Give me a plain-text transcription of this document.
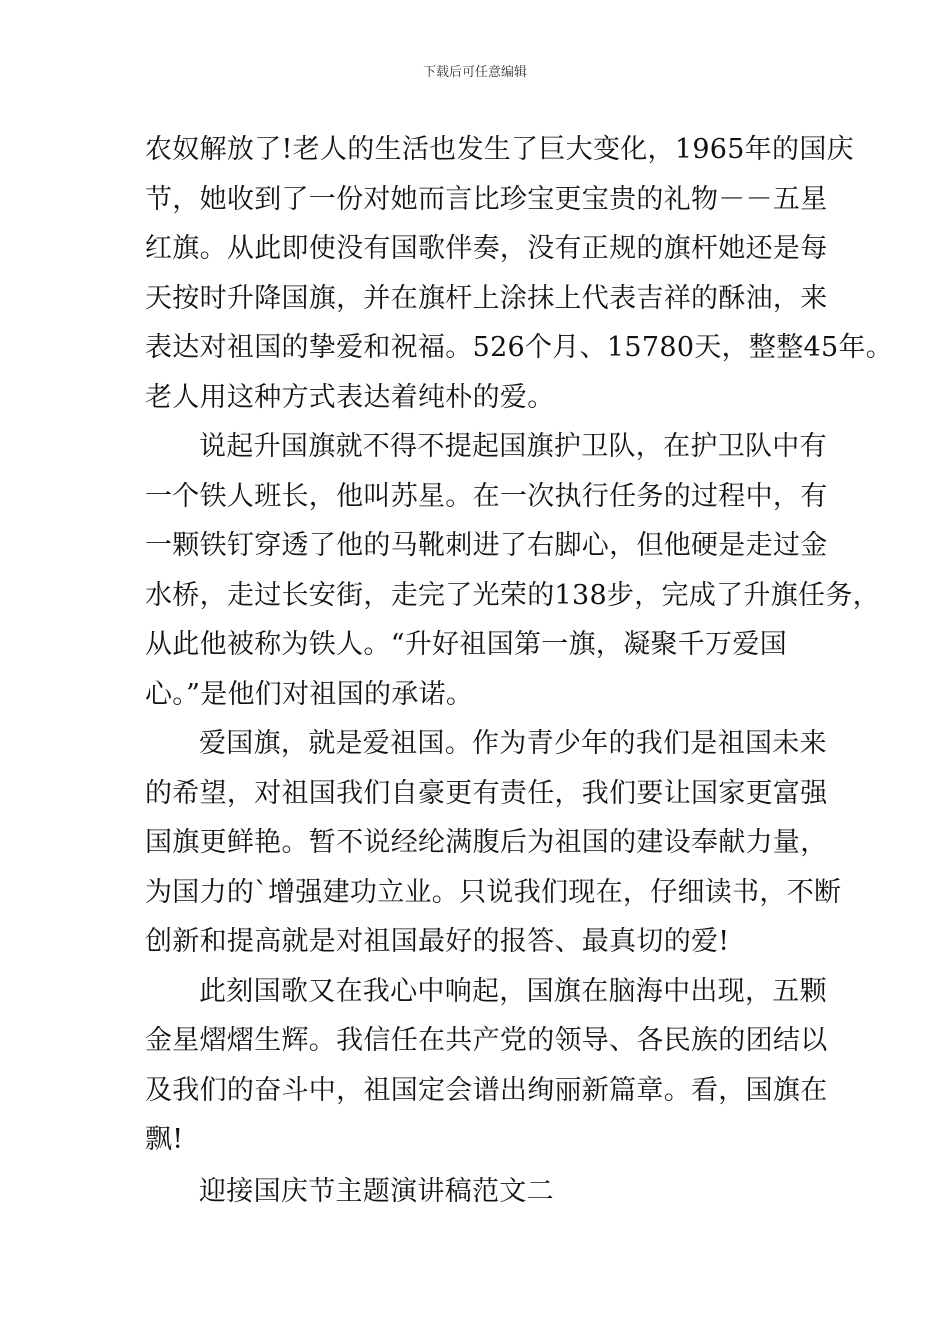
下载后可任意编辑
农奴解放了!老人的生活也发生了巨大变化，1965年的国庆
节，她收到了一份对她而言比珍宝更宝贵的礼物－－五星
红旗。从此即使没有国歌伴奏，没有正规的旗杆她还是每
天按时升降国旗，并在旗杆上涂抹上代表吉祥的酥油，来
表达对祖国的挚爱和祝福。526个月、15780天，整整45年。
老人用这种方式表达着纯朴的爱。
说起升国旗就不得不提起国旗护卫队，在护卫队中有
一个铁人班长，他叫苏星。在一次执行任务的过程中，有
一颗铁钉穿透了他的马靴刺进了右脚心，但他硬是走过金
水桥，走过长安街，走完了光荣的138步，完成了升旗任务，
从此他被称为铁人。“升好祖国第一旗，凝聚千万爱国
心。”是他们对祖国的承诺。
爱国旗，就是爱祖国。作为青少年的我们是祖国未来
的希望，对祖国我们自豪更有责任，我们要让国家更富强
国旗更鲜艳。暂不说经纶满腹后为祖国的建设奉献力量，
为国力的`增强建功立业。只说我们现在，仔细读书，不断
创新和提高就是对祖国最好的报答、最真切的爱!
此刻国歌又在我心中响起，国旗在脑海中出现，五颗
金星熠熠生辉。我信任在共产党的领导、各民族的团结以
及我们的奋斗中，祖国定会谱出绚丽新篇章。看，国旗在
飘!
迎接国庆节主题演讲稿范文二
